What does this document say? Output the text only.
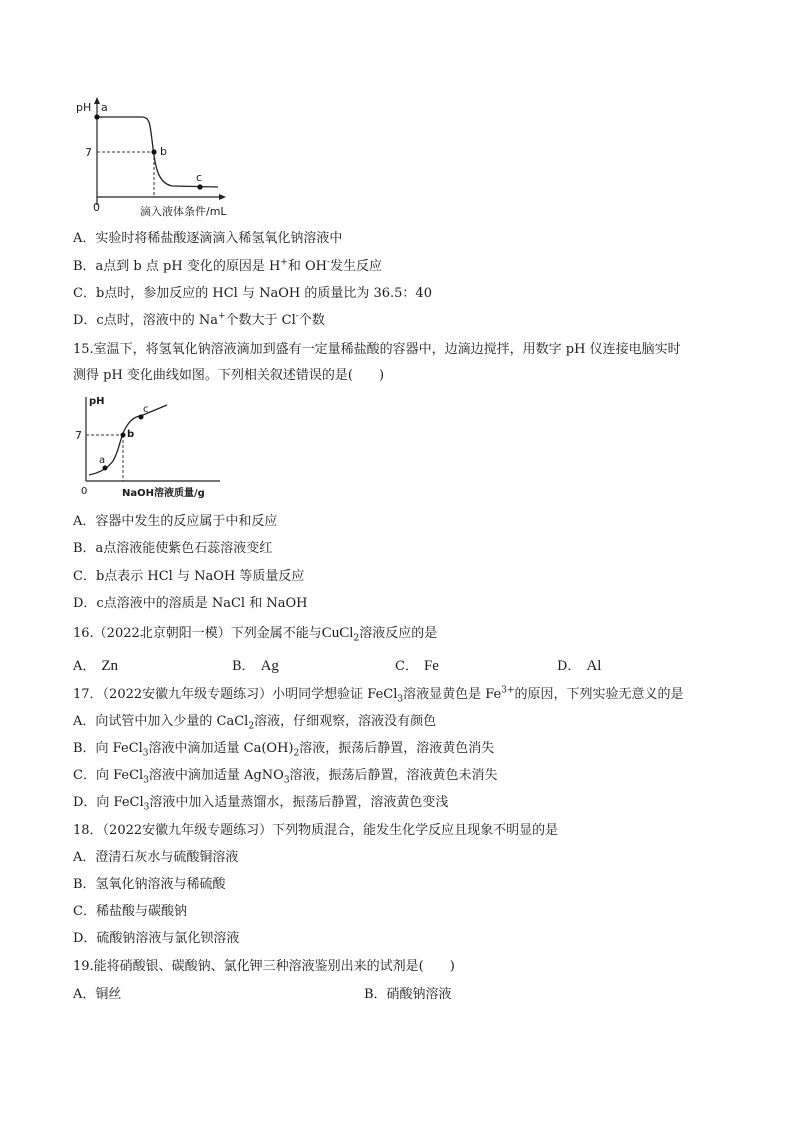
pH a
7	b
c
0	滴入液体条件/mL
A．实验时将稀盐酸逐滴滴入稀氢氧化钠溶液中
B．a点到 b 点 pH 变化的原因是 H+和 OH-发生反应
C．b点时，参加反应的 HCl 与 NaOH 的质量比为 36.5：40
D．c点时，溶液中的 Na+个数大于 Cl-个数
15.室温下，将氢氧化钠溶液滴加到盛有一定量稀盐酸的容器中，边滴边搅拌，用数字 pH 仪连接电脑实时
测得 pH 变化曲线如图。下列相关叙述错误的是(　　)
pH
7
a
b
c
0	NaOH溶液质量/g
A．容器中发生的反应属于中和反应
B．a点溶液能使紫色石蕊溶液变红
C．b点表示 HCl 与 NaOH 等质量反应
D．c点溶液中的溶质是 NaCl 和 NaOH
16.（2022北京朝阳一模）下列金属不能与CuCl$_2$溶液反应的是
A． Zn	B． Ag	C． Fe	D． Al
17．（2022安徽九年级专题练习）小明同学想验证 FeCl$_3$溶液显黄色是 $Fe^{3+}$的原因，下列实验无意义的是
A．向试管中加入少量的 CaCl$_2$溶液，仔细观察，溶液没有颜色
B．向 FeCl$_3$溶液中滴加适量 $Ca(OH)_2$溶液，振荡后静置，溶液黄色消失
C．向 FeCl$_3$溶液中滴加适量 AgNO$_3$溶液，振荡后静置，溶液黄色未消失
D．向 FeCl$_3$溶液中加入适量蒸馏水，振荡后静置，溶液黄色变浅
18．（2022安徽九年级专题练习）下列物质混合，能发生化学反应且现象不明显的是
A．澄清石灰水与硫酸铜溶液
B．氢氧化钠溶液与稀硫酸
C．稀盐酸与碳酸钠
D．硫酸钠溶液与氯化钡溶液
19.能将硝酸银、碳酸钠、氯化钾三种溶液鉴别出来的试剂是(　　)
A．铜丝	B．硝酸钠溶液
